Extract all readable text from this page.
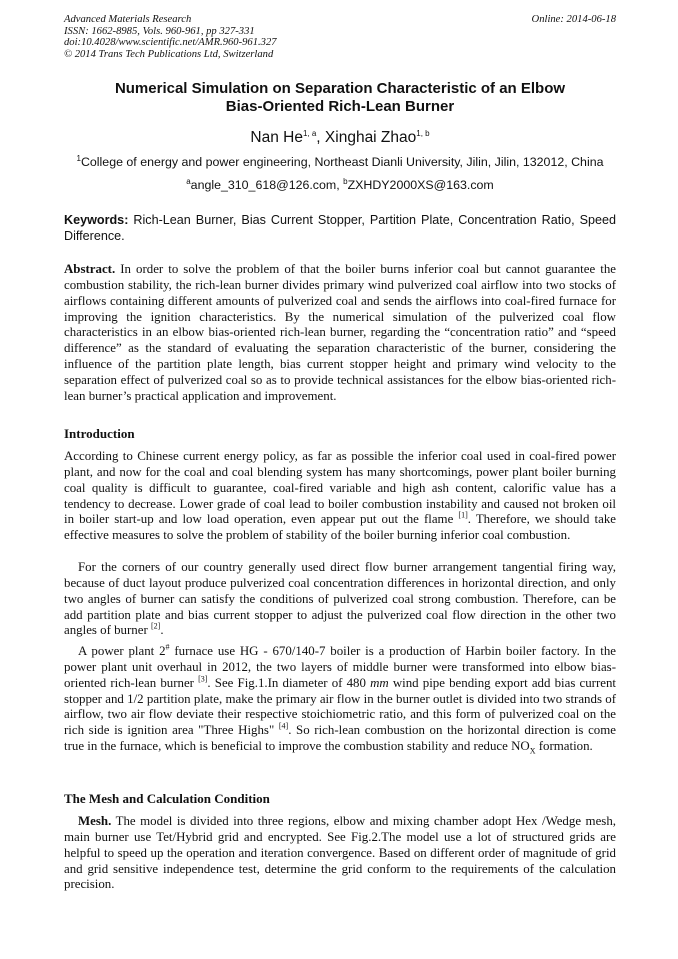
Advanced Materials Research
ISSN: 1662-8985, Vols. 960-961, pp 327-331
doi:10.4028/www.scientific.net/AMR.960-961.327
© 2014 Trans Tech Publications Ltd, Switzerland
Online: 2014-06-18
Numerical Simulation on Separation Characteristic of an Elbow
Bias-Oriented Rich-Lean Burner
Nan He$^{1, a}$, Xinghai Zhao$^{1, b}$
$^1$College of energy and power engineering, Northeast Dianli University, Jilin, Jilin, 132012, China
$^a$angle_310_618@126.com, $^b$ZXHDY2000XS@163.com
Keywords: Rich-Lean Burner, Bias Current Stopper, Partition Plate, Concentration Ratio, Speed Difference.
Abstract. In order to solve the problem of that the boiler burns inferior coal but cannot guarantee the combustion stability, the rich-lean burner divides primary wind pulverized coal airflow into two stocks of airflows containing different amounts of pulverized coal and sends the airflows into coal-fired furnace for improving the ignition characteristics. By the numerical simulation of the pulverized coal flow characteristics in an elbow bias-oriented rich-lean burner, regarding the “concentration ratio” and “speed difference” as the standard of evaluating the separation characteristic of the burner, considering the influence of the partition plate length, bias current stopper height and primary wind velocity to the separation effect of pulverized coal so as to provide technical assistances for the elbow bias-oriented rich-lean burner’s practical application and improvement.
Introduction
According to Chinese current energy policy, as far as possible the inferior coal used in coal-fired power plant, and now for the coal and coal blending system has many shortcomings, power plant boiler burning coal quality is difficult to guarantee, coal-fired variable and high ash content, calorific value has a tendency to decrease. Lower grade of coal lead to boiler combustion instability and caused not broken oil in boiler start-up and low load operation, even appear put out the flame [1]. Therefore, we should take effective measures to solve the problem of stability of the boiler burning inferior coal combustion.
For the corners of our country generally used direct flow burner arrangement tangential firing way, because of duct layout produce pulverized coal concentration differences in horizontal direction, and only two angles of burner can satisfy the conditions of pulverized coal strong combustion. Therefore, can be add partition plate and bias current stopper to adjust the pulverized coal flow direction in the other two angles of burner [2].
A power plant 2# furnace use HG - 670/140-7 boiler is a production of Harbin boiler factory. In the power plant unit overhaul in 2012, the two layers of middle burner were transformed into elbow bias-oriented rich-lean burner [3]. See Fig.1.In diameter of 480 mm wind pipe bending export add bias current stopper and 1/2 partition plate, make the primary air flow in the burner outlet is divided into two strands of airflow, two air flow deviate their respective stoichiometric ratio, and this form of pulverized coal on the rich side is ignition area "Three Highs" [4]. So rich-lean combustion on the horizontal direction is come true in the furnace, which is beneficial to improve the combustion stability and reduce $NO_X$ formation.
The Mesh and Calculation Condition
Mesh. The model is divided into three regions, elbow and mixing chamber adopt Hex /Wedge mesh, main burner use Tet/Hybrid grid and encrypted. See Fig.2.The model use a lot of structured grids are helpful to speed up the operation and iteration convergence. Based on different order of magnitude of grid and grid sensitive independence test, determine the grid conform to the requirements of the calculation precision.
